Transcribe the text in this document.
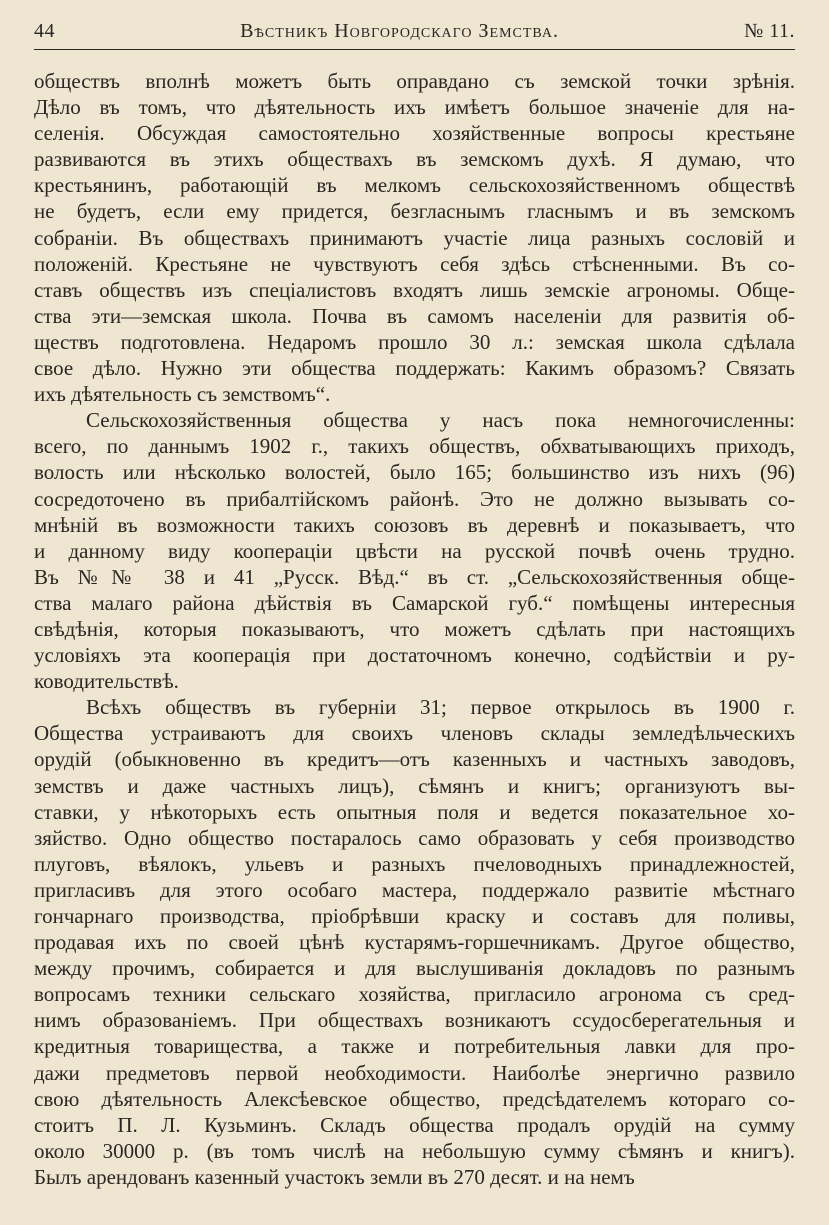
44	Вѣстникъ Новгородскаго Земства.	№ 11.
обществъ вполнѣ можетъ быть оправдано съ земской точки зрѣнія.
Дѣло въ томъ, что дѣятельность ихъ имѣетъ большое значеніе для на-
селенія. Обсуждая самостоятельно хозяйственные вопросы крестьяне
развиваются въ этихъ обществахъ въ земскомъ духѣ. Я думаю, что
крестьянинъ, работающій въ мелкомъ сельскохозяйственномъ обществѣ
не будетъ, если ему придется, безгласнымъ гласнымъ и въ земскомъ
собраніи. Въ обществахъ принимаютъ участіе лица разныхъ сословій и
положеній. Крестьяне не чувствуютъ себя здѣсь стѣсненными. Въ со-
ставъ обществъ изъ спеціалистовъ входятъ лишь земскіе агрономы. Обще-
ства эти—земская школа. Почва въ самомъ населеніи для развитія об-
ществъ подготовлена. Недаромъ прошло 30 л.: земская школа сдѣлала
свое дѣло. Нужно эти общества поддержать: Какимъ образомъ? Связать
ихъ дѣятельность съ земствомъ“.
Сельскохозяйственныя общества у насъ пока немногочисленны:
всего, по даннымъ 1902 г., такихъ обществъ, обхватывающихъ приходъ,
волость или нѣсколько волостей, было 165; большинство изъ нихъ (96)
сосредоточено въ прибалтійскомъ районѣ. Это не должно вызывать со-
мнѣній въ возможности такихъ союзовъ въ деревнѣ и показываетъ, что
и данному виду коопераціи цвѣсти на русской почвѣ очень трудно.
Въ №№ 38 и 41 „Русск. Вѣд.“ въ ст. „Сельскохозяйственныя обще-
ства малаго района дѣйствія въ Самарской губ.“ помѣщены интересныя
свѣдѣнія, которыя показываютъ, что можетъ сдѣлать при настоящихъ
условіяхъ эта кооперація при достаточномъ конечно, содѣйствіи и ру-
ководительствѣ.
Всѣхъ обществъ въ губерніи 31; первое открылось въ 1900 г.
Общества устраиваютъ для своихъ членовъ склады земледѣльческихъ
орудій (обыкновенно въ кредитъ—отъ казенныхъ и частныхъ заводовъ,
земствъ и даже частныхъ лицъ), сѣмянъ и книгъ; организуютъ вы-
ставки, у нѣкоторыхъ есть опытныя поля и ведется показательное хо-
зяйство. Одно общество постаралось само образовать у себя производство
плуговъ, вѣялокъ, ульевъ и разныхъ пчеловодныхъ принадлежностей,
пригласивъ для этого особаго мастера, поддержало развитіе мѣстнаго
гончарнаго производства, пріобрѣвши краску и составъ для поливы,
продавая ихъ по своей цѣнѣ кустарямъ-горшечникамъ. Другое общество,
между прочимъ, собирается и для выслушиванія докладовъ по разнымъ
вопросамъ техники сельскаго хозяйства, пригласило агронома съ сред-
нимъ образованіемъ. При обществахъ возникаютъ ссудосберегательныя и
кредитныя товарищества, а также и потребительныя лавки для про-
дажи предметовъ первой необходимости. Наиболѣе энергично развило
свою дѣятельность Алексѣевское общество, предсѣдателемъ котораго со-
стоитъ П. Л. Кузьминъ. Складъ общества продалъ орудій на сумму
около 30000 р. (въ томъ числѣ на небольшую сумму сѣмянъ и книгъ).
Былъ арендованъ казенный участокъ земли въ 270 десят. и на немъ
